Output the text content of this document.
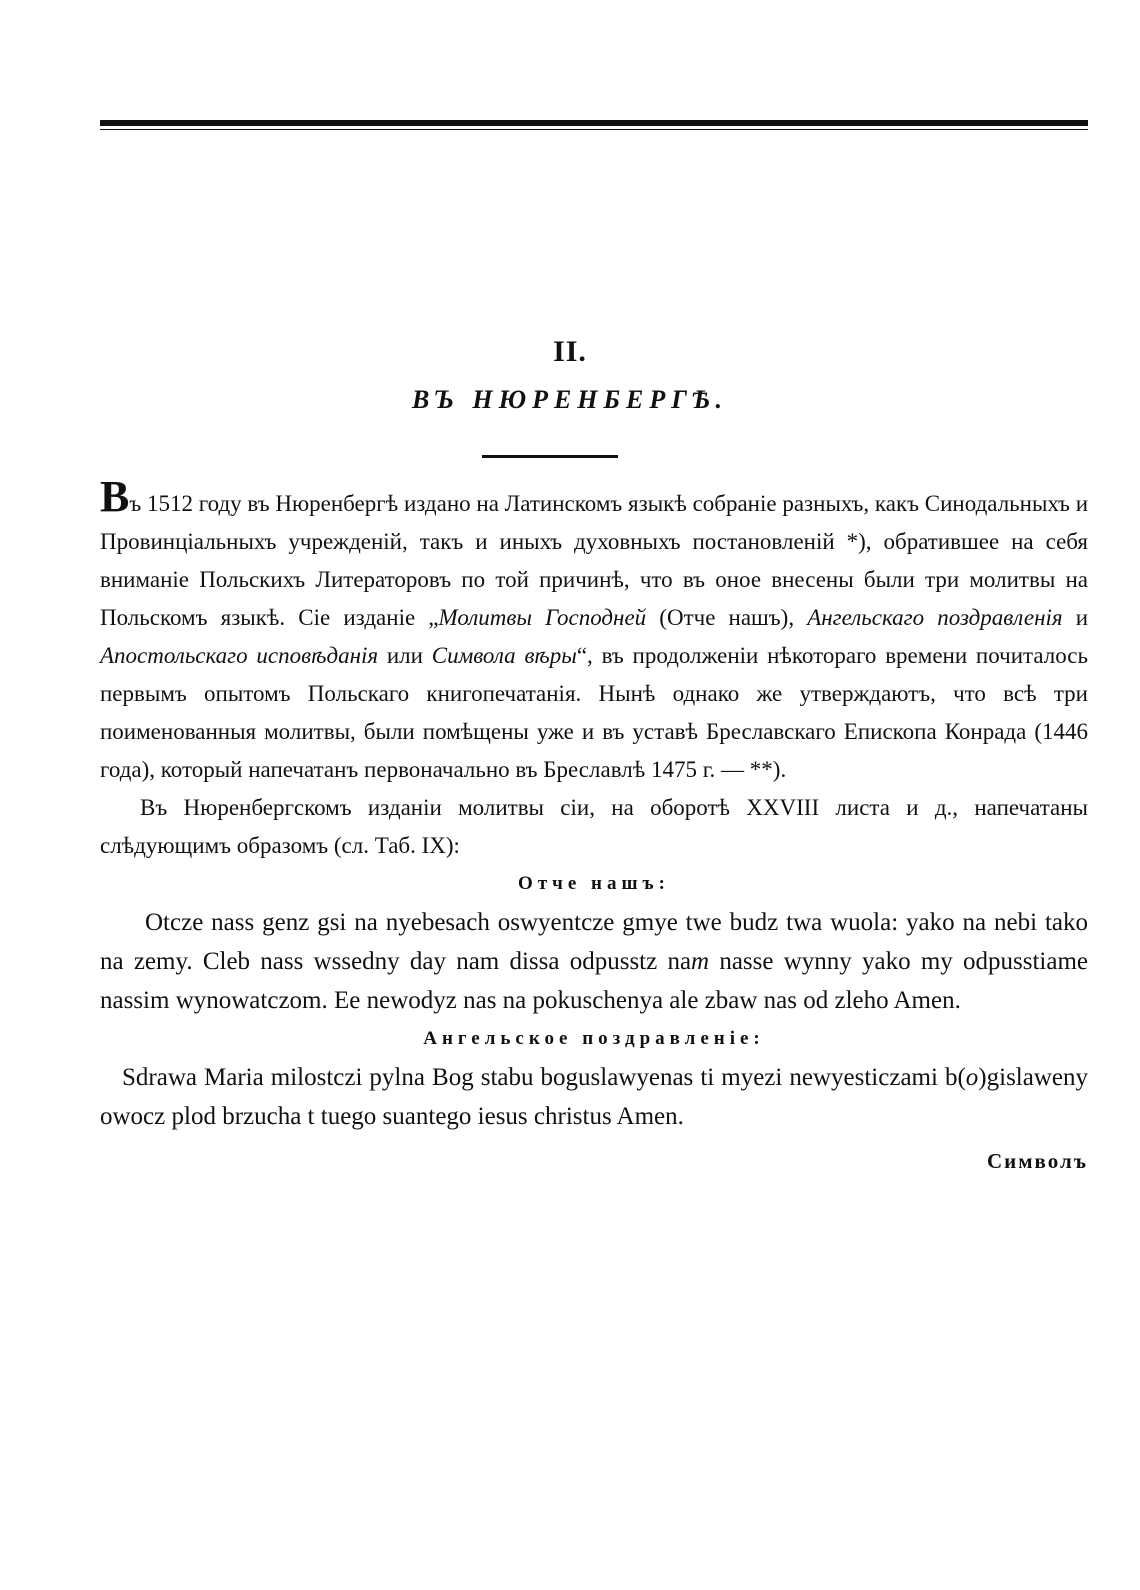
II.
ВЪ НЮРЕНБЕРГѢ.

Въ 1512 году въ Нюренбергѣ издано на Латинскомъ языкѣ собраніе разныхъ, какъ Синодальныхъ и Провинціальныхъ учрежденій, такъ и иныхъ духовныхъ постановленій *), обратившее на себя вниманіе Польскихъ Литераторовъ по той причинѣ, что въ оное внесены были три молитвы на Польскомъ языкѣ. Сіе изданіе „Молитвы Господней (Отче нашъ), Ангельскаго поздравленія и Апостольскаго исповѣданія или Символа вѣры“, въ продолженіи нѣкотораго времени почиталось первымъ опытомъ Польскаго книгопечатанія. Нынѣ однако же утверждаютъ, что всѣ три поименованныя молитвы, были помѣщены уже и въ уставѣ Бреславскаго Епископа Конрада (1446 года), который напечатанъ первоначально въ Бреславлѣ 1475 г. — **).

Въ Нюренбергскомъ изданіи молитвы сіи, на оборотѣ XXVIII листа и д., напечатаны слѣдующимъ образомъ (сл. Таб. IX):

Отче нашъ:

Otcze nass genz gsi na nyebesach oswyentcze gmye twe budz twa wuola: yako na nebi tako na zemy. Cleb nass wssedny day nam dissa odpusstz nam nasse wynny yako my odpusstiame nassim wynowatczom. Ee newodyz nas na pokuschenya ale zbaw nas od zleho Amen.

Ангельское поздравленіе:

Sdrawa Maria milostczi pylna Bog stabu boguslawyenas ti myezi newyesticzami b(o)gislaweny owocz plod brzucha t tuego suantego iesus christus Amen.

Символъ
